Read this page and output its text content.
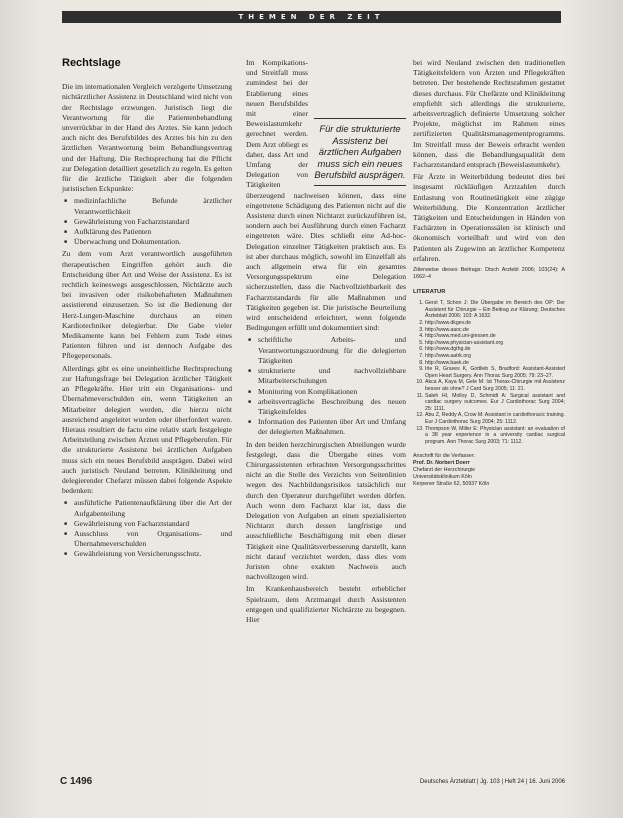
THEMEN DER ZEIT
Rechtslage

Die im internationalen Vergleich verzögerte Umsetzung nichtärztlicher Assistenz in Deutschland wird nicht von der Rechtslage erzwungen. Juristisch liegt die Verantwortung für die Patientenbehandlung unverrückbar in der Hand des Arztes. Sie kann jedoch auch nicht des Berufsbildes des Arztes bis hin zu den ärztlichen Verantwortung beim Behandlungsvertrag und der Haftung. Die Rechtsprechung hat die Pflicht zur Delegation detailliert gesetzlich zu regeln. Es gelten für die ärztliche Tätigkeit aber die folgenden juristischen Eckpunkte:

■ medizinfachliche Befunde ärztlicher Verantwortlichkeit
■ Gewährleistung von Facharztstandard
■ Aufklärung des Patienten
■ Überwachung und Dokumentation.

Zu dem vom Arzt verantwortlich ausgeführten therapeutischen Eingriffen gehört auch die Entscheidung über Art und Weise der Assistenz. Es ist rechtlich keineswegs ausgeschlossen, Nichtärzte auch bei invasiven oder risikobehafteten Maßnahmen assistierend einzusetzen. So ist die Bedienung der Herz-Lungen-Maschine durchaus an einen Kardiotechniker delegierbar. Die Gabe vieler Medikamente kann bei Fehlern zum Tode eines Patienten führen und ist dennoch Aufgabe des Pflegepersonals.

Allerdings gibt es eine uneinheitliche Rechtsprechung zur Haftungsfrage bei Delegation ärztlicher Tätigkeit an Pflegekräfte. Hier tritt ein Organisations- und Übernahmeverschulden ein, wenn Tätigkeiten an Mitarbeiter delegiert werden, die hierzu nicht ausreichend angeleitet wurden oder überfordert waren. Hieraus resultiert de facto eine relativ stark festgelegte Arbeitsteilung zwischen Ärzten und Pflegeberufen. Für die strukturierte Assistenz bei ärztlichen Aufgaben muss sich ein neues Berufsbild ausprägen. Dabei wird auch juristisch Neuland betreten. Klinikleitung und delegierender Chefarzt müssen dabei folgende Aspekte bedenken:

■ ausführliche Patientenaufklärung über die Art der Aufgabenteilung
■ Gewährleistung von Facharztstandard
■ Ausschluss von Organisations- und Übernahmeverschulden
■ Gewährleistung von Versicherungsschutz.
Für die strukturierte Assistenz bei ärztlichen Aufgaben muss sich ein neues Berufsbild ausprägen.

Im Kompikations- und Streitfall muss zumindest bei der Etablierung eines neuen Berufsbildes mit einer Beweislastumkehr gerechnet werden. Dem Arzt obliegt es daher, dass Art und Umfang der Delegation von Tätigkeiten überzeugend nachweisen können, dass eine eingetretene Schädigung des Patienten nicht auf die Assistenz durch einen Nichtarzt zurückzuführen ist, sondern auch bei Ausführung durch einen Facharzt eingetreten wäre. Dies schließt eine Ad-hoc-Delegation einzelner Tätigkeiten praktisch aus. Es ist aber durchaus möglich, sowohl im Einzelfall als auch allgemein etwa für ein gesamtes Versorgungsspektrum eine Delegation sicherzustellen, dass die Nachvollziehbarkeit des Facharztstandards für alle Maßnahmen und Tätigkeiten gegeben ist. Die juristische Beurteilung wird entscheidend erleichtert, wenn folgende Bedingungen erfüllt und dokumentiert sind:

■ schriftliche Arbeits- und Verantwortungszuordnung für die delegierten Tätigkeiten
■ strukturierte und nachvollziehbare Mitarbeiterschulungen
■ Monitoring von Komplikationen
■ arbeitsvertragliche Beschreibung des neuen Tätigkeitsfeldes
■ Information des Patienten über Art und Umfang der delegierten Maßnahmen.

In den beiden herzchirurgischen Abteilungen wurde festgelegt, dass die Übergabe eines vom Chirurgassistenten erbrachten Versorgungsschrittes nicht an die Stelle des Verzichts von Seitenlinien wegen des Nachbildungsrisikos tatsächlich nur durch den Operateur durchgeführt werden dürfen. Auch wenn dem Facharzt klar ist, dass die Delegation von Aufgaben an einen spezialisierten Nichtarzt durch dessen langfristige und ausschließliche Beschäftigung mit eben dieser Tätigkeit eine Qualitätsverbesserung darstellt, kann nicht darauf verzichtet werden, dass dies vom Juristen ohne exakten Nachweis auch nachvollzogen wird.

Im Krankenhausbereich besteht erheblicher Spielraum, dem Arztmangel durch Assistenten entgegen und qualifizierter Nichtärzte zu begegnen. Hier

bei wird Neuland zwischen den traditionellen Tätigkeitsfeldern von Ärzten und Pflegekräften betreten. Der bestehende Rechtsrahmen gestattet dieses durchaus. Für Chefärzte und Klinikleitung empfiehlt sich allerdings die strukturierte, arbeitsvertraglich definierte Umsetzung solcher Projekte, möglichst im Rahmen eines zertifizierten Qualitätsmanagementprogramms. Im Streitfall muss der Beweis erbracht werden können, dass die Behandlungsqualität dem Facharztstandard entsprach (Beweislastumkehr).

Für Ärzte in Weiterbildung bedeutet dies bei insgesamt rückläufigen Arztzahlen durch Entlastung von Routinetätigkeit eine zügige Weiterbildung. Die Konzentration ärztlicher Tätigkeiten und Entscheidungen in Händen von Fachärzten in Operationssälen ist klinisch und ökonomisch vorteilhaft und wird von den Patienten als Zugewinn an ärztlicher Kompetenz erfahren.

Zitierweise dieses Beitrags: Dtsch Arztebl 2006; 103(24): A 1662–4
LITERATUR
1. Gerst T, Schon J: Die Übergabe im Bereich des OP: Der Assistent für Chirurgie – Ein Beitrag zur Klärung; Deutsches Ärzteblatt 2006; 103: A 1632.
2. http://www.dkgev.de
3. http://www.aaoc.de
4. http://www.med.uni-giessen.de
5. http://www.physician-assistant.org
6. http://www.dgthg.de
7. http://www.aatrk.org
8. http://www.baek.de
9. Irle R, Graves K, Gottlieb S, Bradford: Assistant-Assisted Open Heart Surgery. Ann Thorac Surg 2005; 79: 23–27.
10. Akca A, Kaya M, Gele M: Ist Thorax-Chirurgie mit Assistenz besser als ohne? J Card Surg 2005; 11: 21.
11. Saleh HI, Molloy D, Schmidt A: Surgical assistant and cardiac surgery outcomes. Eur J Cardiothorac Surg 2004; 25: 1111.
12. Abu Z, Reddy A, Crow M: Assistant in cardiothoracic training. Eur J Cardiothorac Surg 2004; 25: 1112.
13. Thompson W, Miller E: Physician assistant: an evaluation of a 38 year experience in a university cardiac surgical program. Ann Thorac Surg 2003; 71: 1112.
Anschrift für die Verfasser:
Prof. Dr. Norbert Doerr
Chefarzt der Herzchirurgie
Universitätsklinikum Köln
Kerpener Straße 62, 50937 Köln
C 1496	Deutsches Ärzteblatt | Jg. 103 | Heft 24 | 16. Juni 2006
